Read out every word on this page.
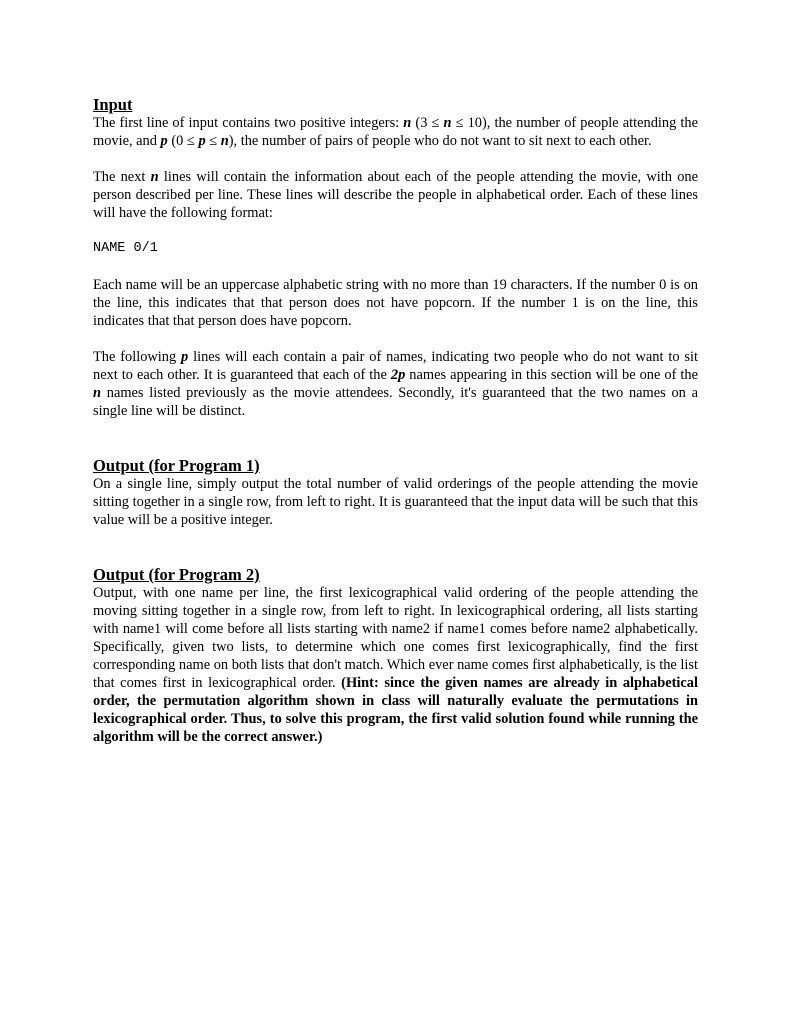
Input

The first line of input contains two positive integers: n (3 ≤ n ≤ 10), the number of people attending the movie, and p (0 ≤ p ≤ n), the number of pairs of people who do not want to sit next to each other.

The next n lines will contain the information about each of the people attending the movie, with one person described per line. These lines will describe the people in alphabetical order. Each of these lines will have the following format:

NAME 0/1

Each name will be an uppercase alphabetic string with no more than 19 characters. If the number 0 is on the line, this indicates that that person does not have popcorn. If the number 1 is on the line, this indicates that that person does have popcorn.

The following p lines will each contain a pair of names, indicating two people who do not want to sit next to each other. It is guaranteed that each of the 2p names appearing in this section will be one of the n names listed previously as the movie attendees. Secondly, it's guaranteed that the two names on a single line will be distinct.

Output (for Program 1)

On a single line, simply output the total number of valid orderings of the people attending the movie sitting together in a single row, from left to right. It is guaranteed that the input data will be such that this value will be a positive integer.

Output (for Program 2)

Output, with one name per line, the first lexicographical valid ordering of the people attending the moving sitting together in a single row, from left to right. In lexicographical ordering, all lists starting with name1 will come before all lists starting with name2 if name1 comes before name2 alphabetically. Specifically, given two lists, to determine which one comes first lexicographically, find the first corresponding name on both lists that don't match. Which ever name comes first alphabetically, is the list that comes first in lexicographical order. (Hint: since the given names are already in alphabetical order, the permutation algorithm shown in class will naturally evaluate the permutations in lexicographical order. Thus, to solve this program, the first valid solution found while running the algorithm will be the correct answer.)
